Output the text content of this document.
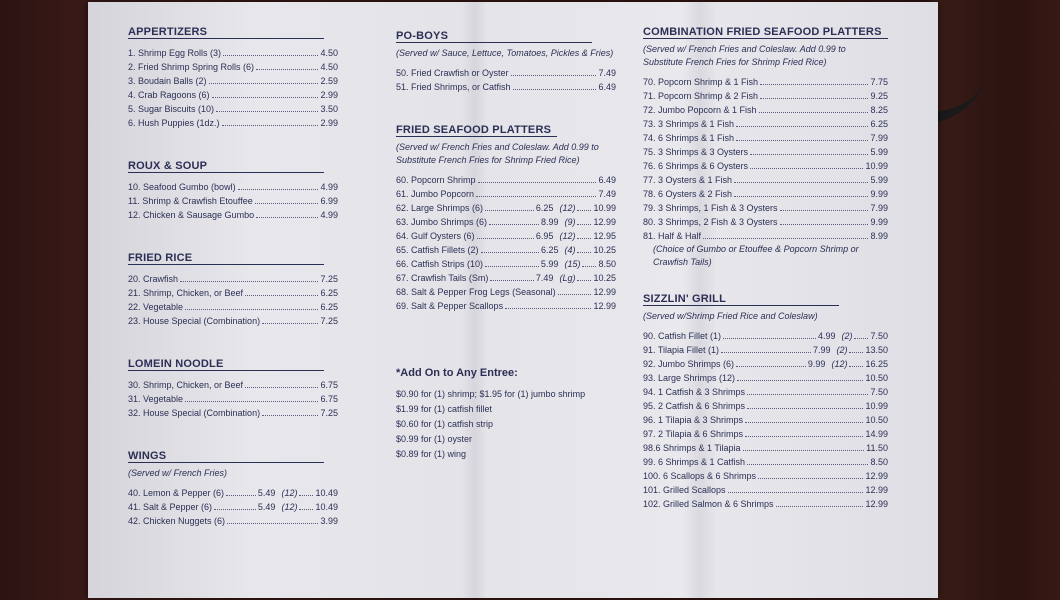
APPERTIZERS
1. Shrimp Egg Rolls (3)	4.50
2. Fried Shrimp Spring Rolls (6)	4.50
3. Boudain Balls (2)	2.59
4. Crab Ragoons (6)	2.99
5. Sugar Biscuits (10)	3.50
6. Hush Puppies (1dz.)	2.99
ROUX & SOUP
10. Seafood Gumbo (bowl)	4.99
11. Shrimp & Crawfish Etouffee	6.99
12. Chicken & Sausage Gumbo	4.99
FRIED RICE
20. Crawfish	7.25
21. Shrimp, Chicken, or Beef	6.25
22. Vegetable	6.25
23. House Special (Combination)	7.25
LOMEIN NOODLE
30. Shrimp, Chicken, or Beef	6.75
31. Vegetable	6.75
32. House Special (Combination)	7.25
WINGS
(Served w/ French Fries)
40. Lemon & Pepper (6)	5.49 (12) 10.49
41. Salt & Pepper (6)	5.49 (12) 10.49
42. Chicken Nuggets (6)	3.99
PO-BOYS
(Served w/ Sauce, Lettuce, Tomatoes, Pickles & Fries)
50. Fried Crawfish or Oyster	7.49
51. Fried Shrimps, or Catfish	6.49
FRIED SEAFOOD PLATTERS
(Served w/ French Fries and Coleslaw. Add 0.99 to Substitute French Fries for Shrimp Fried Rice)
60. Popcorn Shrimp	6.49
61. Jumbo Popcorn	7.49
62. Large Shrimps (6)	6.25 (12) 10.99
63. Jumbo Shrimps (6)	8.99 (9) 12.99
64. Gulf Oysters (6)	6.95 (12) 12.95
65. Catfish Fillets (2)	6.25 (4) 10.25
66. Catfish Strips (10)	5.99 (15) 8.50
67. Crawfish Tails (Sm)	7.49 (Lg) 10.25
68. Salt & Pepper Frog Legs (Seasonal)	12.99
69. Salt & Pepper Scallops	12.99
*Add On to Any Entree:
$0.90 for (1) shrimp; $1.95 for (1) jumbo shrimp
$1.99 for (1) catfish fillet
$0.60 for (1) catfish strip
$0.99 for (1) oyster
$0.89 for (1) wing
COMBINATION FRIED SEAFOOD PLATTERS
(Served w/ French Fries and Coleslaw. Add 0.99 to Substitute French Fries for Shrimp Fried Rice)
70. Popcorn Shrimp & 1 Fish	7.75
71. Popcorn Shrimp & 2 Fish	9.25
72. Jumbo Popcorn & 1 Fish	8.25
73. 3 Shrimps & 1 Fish	6.25
74. 6 Shrimps & 1 Fish	7.99
75. 3 Shrimps & 3 Oysters	5.99
76. 6 Shrimps & 6 Oysters	10.99
77. 3 Oysters & 1 Fish	5.99
78. 6 Oysters & 2 Fish	9.99
79. 3 Shrimps, 1 Fish & 3 Oysters	7.99
80. 3 Shrimps, 2 Fish & 3 Oysters	9.99
81. Half & Half	8.99
(Choice of Gumbo or Etouffee & Popcorn Shrimp or Crawfish Tails)
SIZZLIN' GRILL
(Served w/Shrimp Fried Rice and Coleslaw)
90. Catfish Fillet (1)	4.99 (2) 7.50
91. Tilapia Fillet (1)	7.99 (2) 13.50
92. Jumbo Shrimps (6)	9.99 (12) 16.25
93. Large Shrimps (12)	10.50
94. 1 Catfish & 3 Shrimps	7.50
95. 2 Catfish & 6 Shrimps	10.99
96. 1 Tilapia & 3 Shrimps	10.50
97. 2 Tilapia & 6 Shrimps	14.99
98.6 Shrimps & 1 Tilapia	11.50
99. 6 Shrimps & 1 Catfish	8.50
100. 6 Scallops & 6 Shrimps	12.99
101. Grilled Scallops	12.99
102. Grilled Salmon & 6 Shrimps	12.99
